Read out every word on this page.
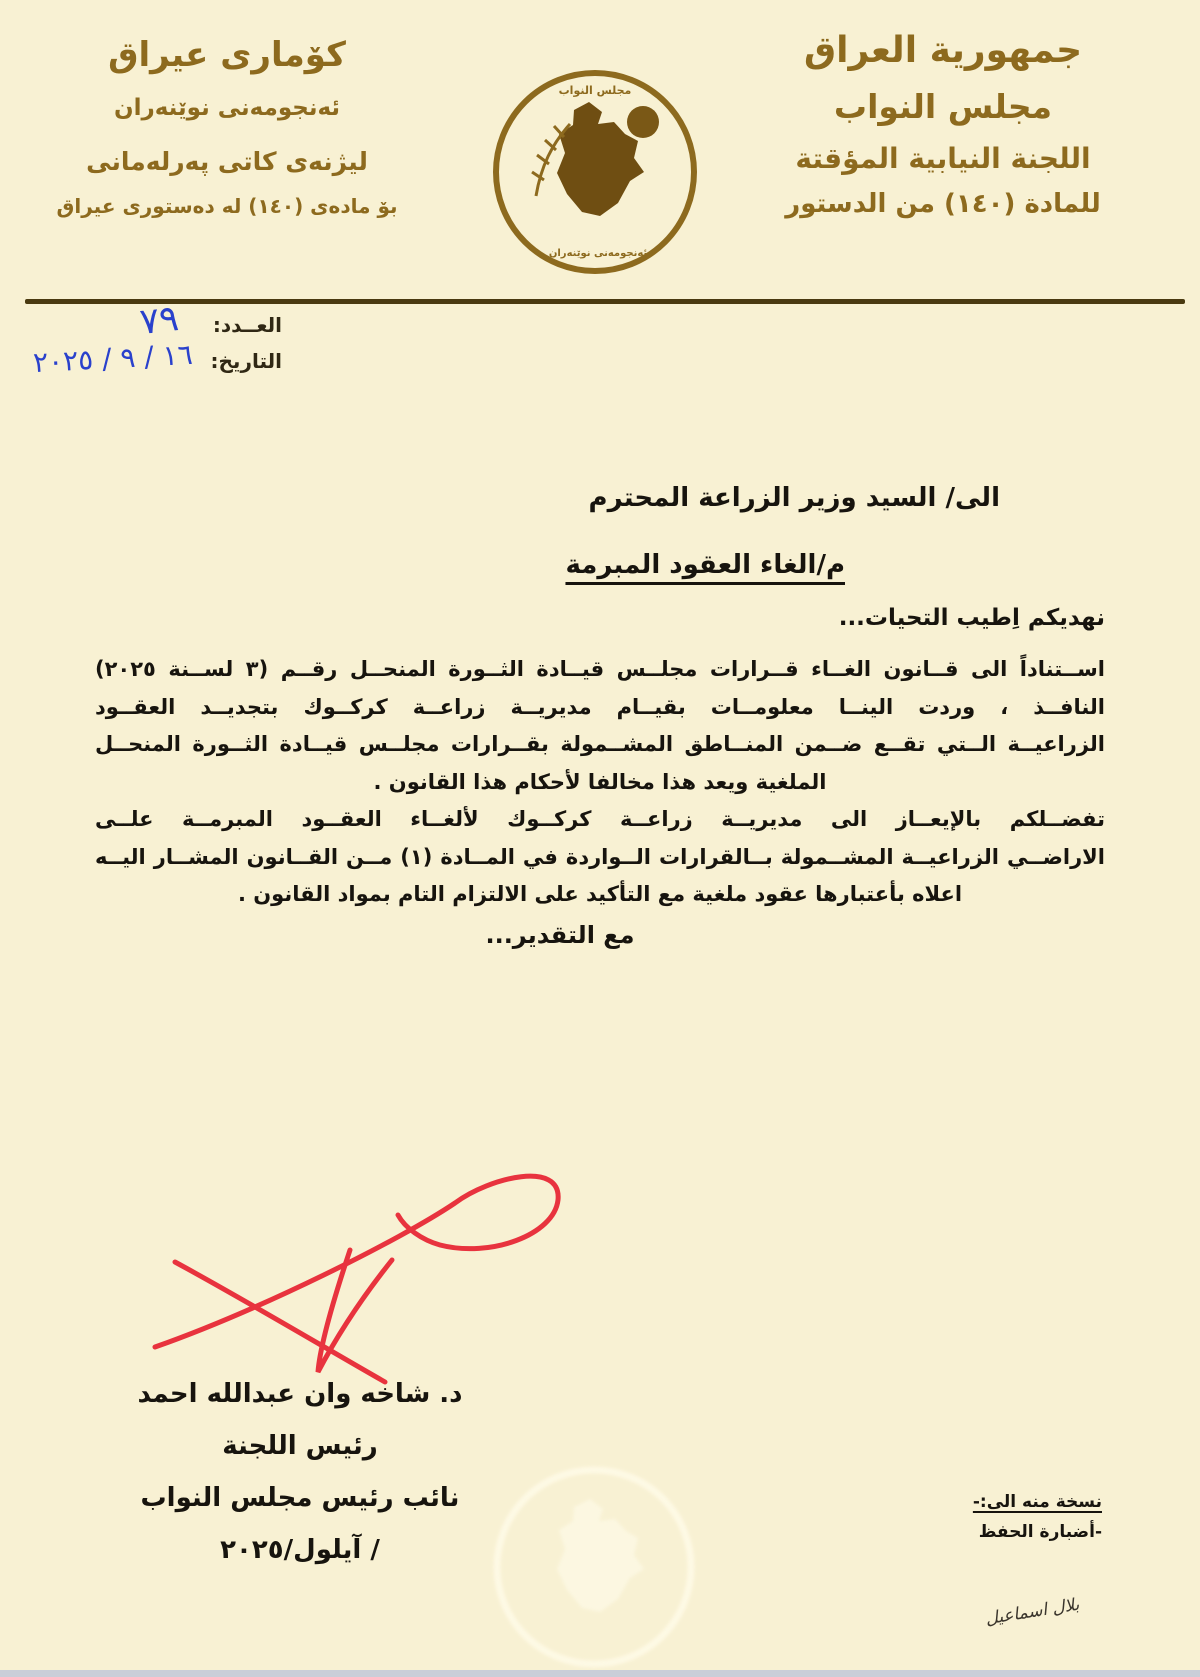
كۆماری عیراق
ئەنجومەنی نوێنەران
لیژنەی کاتی پەرلەمانی
بۆ مادەی (١٤٠) لە دەستوری عیراق
جمهورية العراق
مجلس النواب
اللجنة النيابية المؤقتة
للمادة (١٤٠) من الدستور
مجلس النواب
ئەنجومەنی نوێنەران
العــدد:٧٩
التاريخ:١٦ / ٩ / ٢٠٢٥
الى/ السيد وزير الزراعة المحترم
م/الغاء العقود المبرمة
نهديكم اِطيب التحيات...
اســتناداً الى قــانون الغــاء قــرارات مجلــس قيــادة الثــورة المنحــل رقــم (٣ لســنة ٢٠٢٥)
النافــذ ، وردت الينــا معلومــات بقيــام مديريــة زراعــة كركــوك بتجديــد العقــود
الزراعيــة الــتي تقــع ضــمن المنــاطق المشــمولة بقــرارات مجلــس قيــادة الثــورة المنحــل
الملغية ويعد هذا مخالفا لأحكام هذا القانون .
تفضــلكم بالإيعــاز الى مديريــة زراعــة كركــوك لألغــاء العقــود المبرمــة علــى
الاراضــي الزراعيــة المشــمولة بــالقرارات الــواردة في المــادة (١) مــن القــانون المشــار اليــه
اعلاه بأعتبارها عقود ملغية مع التأكيد على الالتزام التام بمواد القانون .
مع التقدير...
د. شاخه وان عبدالله احمد
رئيس اللجنة
نائب رئيس مجلس النواب
/ آيلول/٢٠٢٥
نسخة منه الى:-
-أضبارة الحفظ
بلال اسماعيل
